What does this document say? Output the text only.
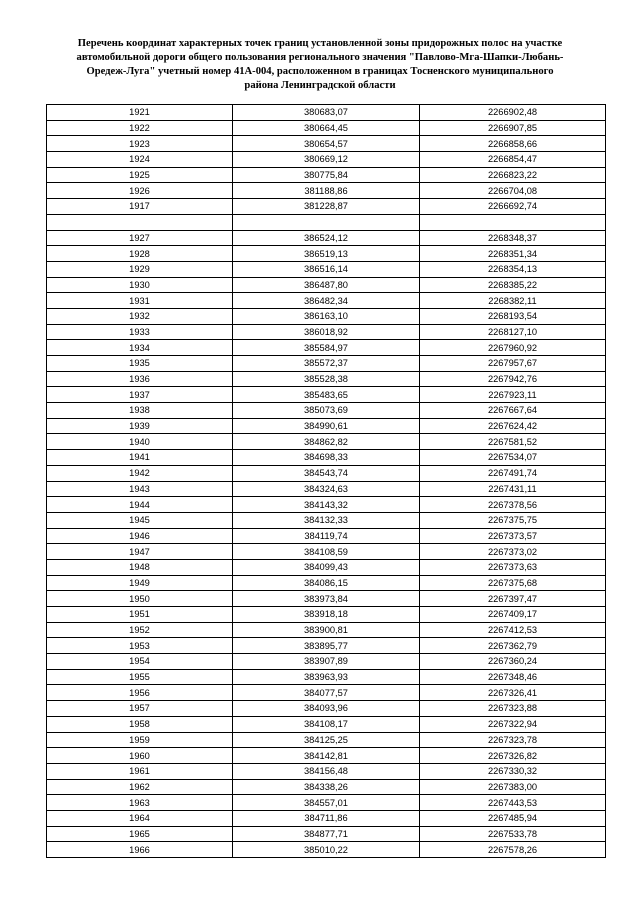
Перечень координат характерных точек границ установленной зоны придорожных полос на участке
автомобильной дороги общего пользования регионального значения "Павлово-Мга-Шапки-Любань-
Оредеж-Луга" учетный номер 41А-004, расположенном в границах Тосненского муниципального
района Ленинградской области
1921	380683,07	2266902,48
1922	380664,45	2266907,85
1923	380654,57	2266858,66
1924	380669,12	2266854,47
1925	380775,84	2266823,22
1926	381188,86	2266704,08
1917	381228,87	2266692,74

1927	386524,12	2268348,37
1928	386519,13	2268351,34
1929	386516,14	2268354,13
1930	386487,80	2268385,22
1931	386482,34	2268382,11
1932	386163,10	2268193,54
1933	386018,92	2268127,10
1934	385584,97	2267960,92
1935	385572,37	2267957,67
1936	385528,38	2267942,76
1937	385483,65	2267923,11
1938	385073,69	2267667,64
1939	384990,61	2267624,42
1940	384862,82	2267581,52
1941	384698,33	2267534,07
1942	384543,74	2267491,74
1943	384324,63	2267431,11
1944	384143,32	2267378,56
1945	384132,33	2267375,75
1946	384119,74	2267373,57
1947	384108,59	2267373,02
1948	384099,43	2267373,63
1949	384086,15	2267375,68
1950	383973,84	2267397,47
1951	383918,18	2267409,17
1952	383900,81	2267412,53
1953	383895,77	2267362,79
1954	383907,89	2267360,24
1955	383963,93	2267348,46
1956	384077,57	2267326,41
1957	384093,96	2267323,88
1958	384108,17	2267322,94
1959	384125,25	2267323,78
1960	384142,81	2267326,82
1961	384156,48	2267330,32
1962	384338,26	2267383,00
1963	384557,01	2267443,53
1964	384711,86	2267485,94
1965	384877,71	2267533,78
1966	385010,22	2267578,26
